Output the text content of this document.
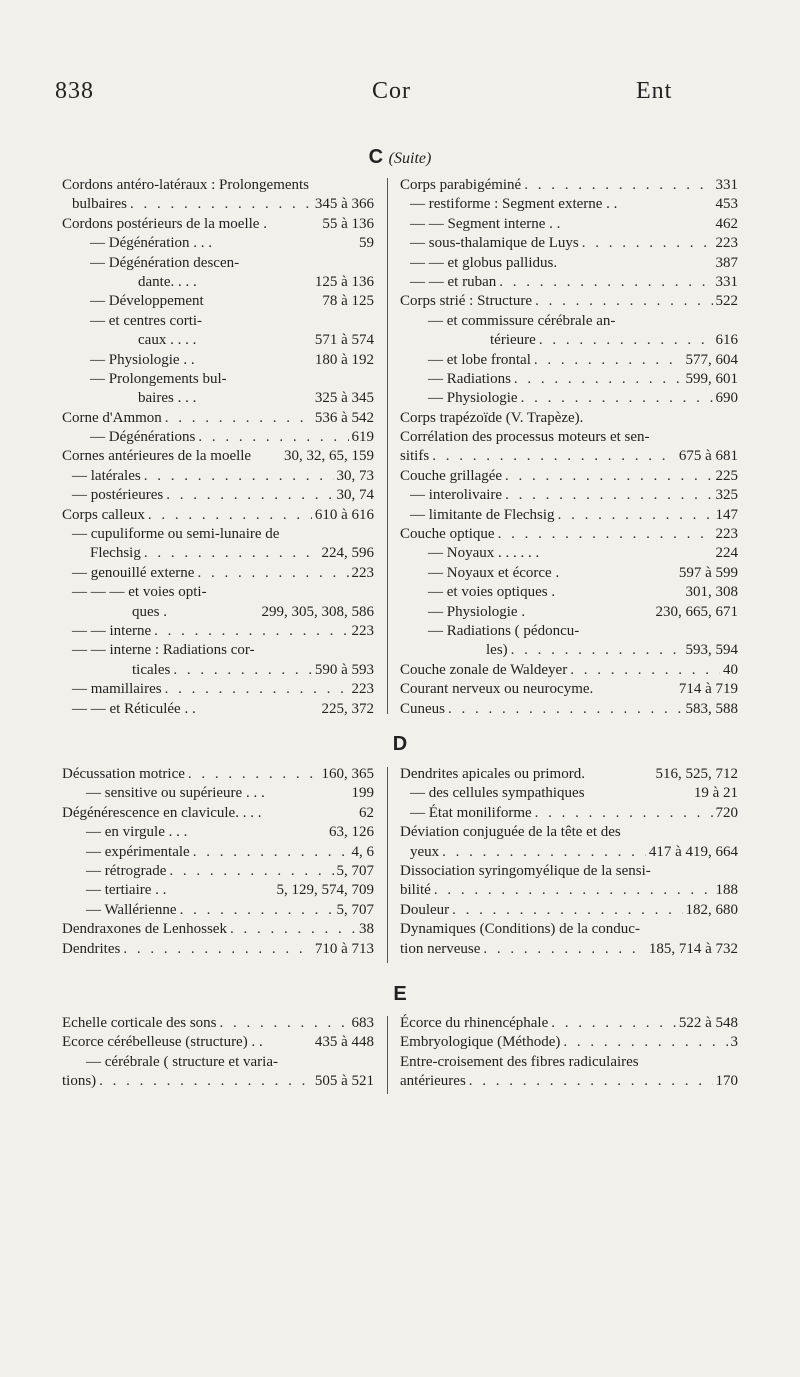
838	Cor	Ent
C (Suite)
Cordons antéro-latéraux : Prolongements
bulbaires . . .	345 à 366
Cordons postérieurs de la moelle .	55 à 136
— Dégénération . . .	59
— Dégénération descen-
dante. . . .	125 à 136
— Développement	78 à 125
— et centres corti-
caux . . . .	571 à 574
— Physiologie . .	180 à 192
— Prolongements bul-
baires . . .	325 à 345
Corne d'Ammon . . .	536 à 542
— Dégénérations . . .	619
Cornes antérieures de la moelle 30, 32, 65, 159
— latérales . . .	30, 73
— postérieures . . .	30, 74
Corps calleux . . .	610 à 616
— cupuliforme ou semi-lunaire de
Flechsig . . .	224, 596
— genouillé externe . . .	223
— — — et voies opti-
ques .	299, 305, 308, 586
— — interne . . .	223
— — interne : Radiations cor-
ticales . . .	590 à 593
— mamillaires . . .	223
— — et Réticulée . .	225, 372
Corps parabigéminé . . .	331
— restiforme : Segment externe . .	453
— — Segment interne . .	462
— sous-thalamique de Luys . . .	223
— — et globus pallidus.	387
— — et ruban . . .	331
Corps strié : Structure . . .	522
— et commissure cérébrale an-
térieure . . .	616
— et lobe frontal . . .	577, 604
— Radiations . . .	599, 601
— Physiologie . . .	690
Corps trapézoïde (V. Trapèze).
Corrélation des processus moteurs et sen-
sitifs . . .	675 à 681
Couche grillagée . . .	225
— interolivaire . . .	325
— limitante de Flechsig . . .	147
Couche optique . . .	223
— Noyaux . . . . . .	224
— Noyaux et écorce .	597 à 599
— et voies optiques .	301, 308
— Physiologie .	230, 665, 671
— Radiations ( pédoncu-
les) . . .	593, 594
Couche zonale de Waldeyer . . .	40
Courant nerveux ou neurocyme.	714 à 719
Cuneus . . .	583, 588
D
Décussation motrice . . .	160, 365
— sensitive ou supérieure . . .	199
Dégénérescence en clavicule. . . .	62
— en virgule . . .	63, 126
— expérimentale . . .	4, 6
— rétrograde . . .	5, 707
— tertiaire . .	5, 129, 574, 709
— Wallérienne . . .	5, 707
Dendraxones de Lenhossek . . .	38
Dendrites . . .	710 à 713
Dendrites apicales ou primord.	516, 525, 712
— des cellules sympathiques	19 à 21
— État moniliforme . . .	720
Déviation conjuguée de la tête et des
yeux . . .	417 à 419, 664
Dissociation syringomyélique de la sensi-
bilité . . .	188
Douleur . . .	182, 680
Dynamiques (Conditions) de la conduc-
tion nerveuse . . .	185, 714 à 732
E
Echelle corticale des sons . . .	683
Ecorce cérébelleuse (structure) . .	435 à 448
— cérébrale ( structure et varia-
tions) . . .	505 à 521
Écorce du rhinencéphale . . .	522 à 548
Embryologique (Méthode) . . .	3
Entre-croisement des fibres radiculaires
antérieures . . .	170
